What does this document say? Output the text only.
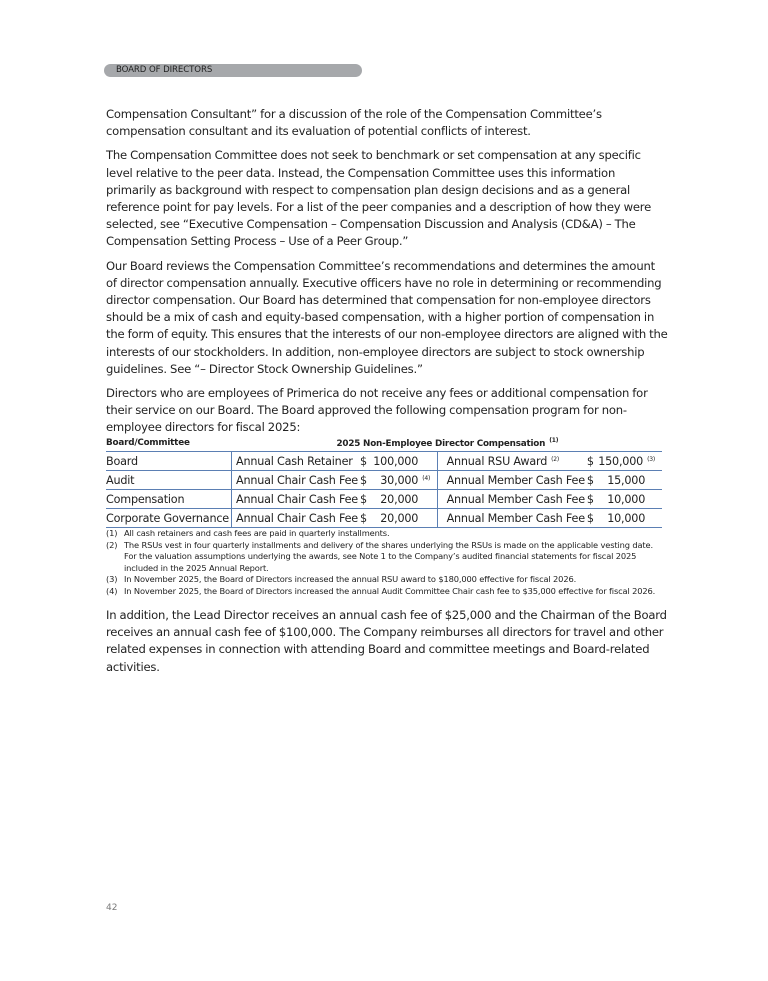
BOARD OF DIRECTORS

Compensation Consultant” for a discussion of the role of the Compensation Committee’s compensation consultant and its evaluation of potential conflicts of interest.

The Compensation Committee does not seek to benchmark or set compensation at any specific level relative to the peer data. Instead, the Compensation Committee uses this information primarily as background with respect to compensation plan design decisions and as a general reference point for pay levels. For a list of the peer companies and a description of how they were selected, see “Executive Compensation – Compensation Discussion and Analysis (CD&A) – The Compensation Setting Process – Use of a Peer Group.”

Our Board reviews the Compensation Committee’s recommendations and determines the amount of director compensation annually. Executive officers have no role in determining or recommending director compensation. Our Board has determined that compensation for non-employee directors should be a mix of cash and equity-based compensation, with a higher portion of compensation in the form of equity. This ensures that the interests of our non-employee directors are aligned with the interests of our stockholders. In addition, non-employee directors are subject to stock ownership guidelines. See “– Director Stock Ownership Guidelines.”

Directors who are employees of Primerica do not receive any fees or additional compensation for their service on our Board. The Board approved the following compensation program for non-employee directors for fiscal 2025:

Board/Committee	2025 Non-Employee Director Compensation $^{(1)}$
Board	Annual Cash Retainer	$	100,000	Annual RSU Award $^{(2)}$	$	150,000 $^{(3)}$
Audit	Annual Chair Cash Fee	$	30,000 $^{(4)}$	Annual Member Cash Fee	$	15,000
Compensation	Annual Chair Cash Fee	$	20,000	Annual Member Cash Fee	$	10,000
Corporate Governance	Annual Chair Cash Fee	$	20,000	Annual Member Cash Fee	$	10,000
(1) All cash retainers and cash fees are paid in quarterly installments.
(2) The RSUs vest in four quarterly installments and delivery of the shares underlying the RSUs is made on the applicable vesting date. For the valuation assumptions underlying the awards, see Note 1 to the Company’s audited financial statements for fiscal 2025 included in the 2025 Annual Report.
(3) In November 2025, the Board of Directors increased the annual RSU award to $180,000 effective for fiscal 2026.
(4) In November 2025, the Board of Directors increased the annual Audit Committee Chair cash fee to $35,000 effective for fiscal 2026.

In addition, the Lead Director receives an annual cash fee of $25,000 and the Chairman of the Board receives an annual cash fee of $100,000. The Company reimburses all directors for travel and other related expenses in connection with attending Board and committee meetings and Board-related activities.

42
